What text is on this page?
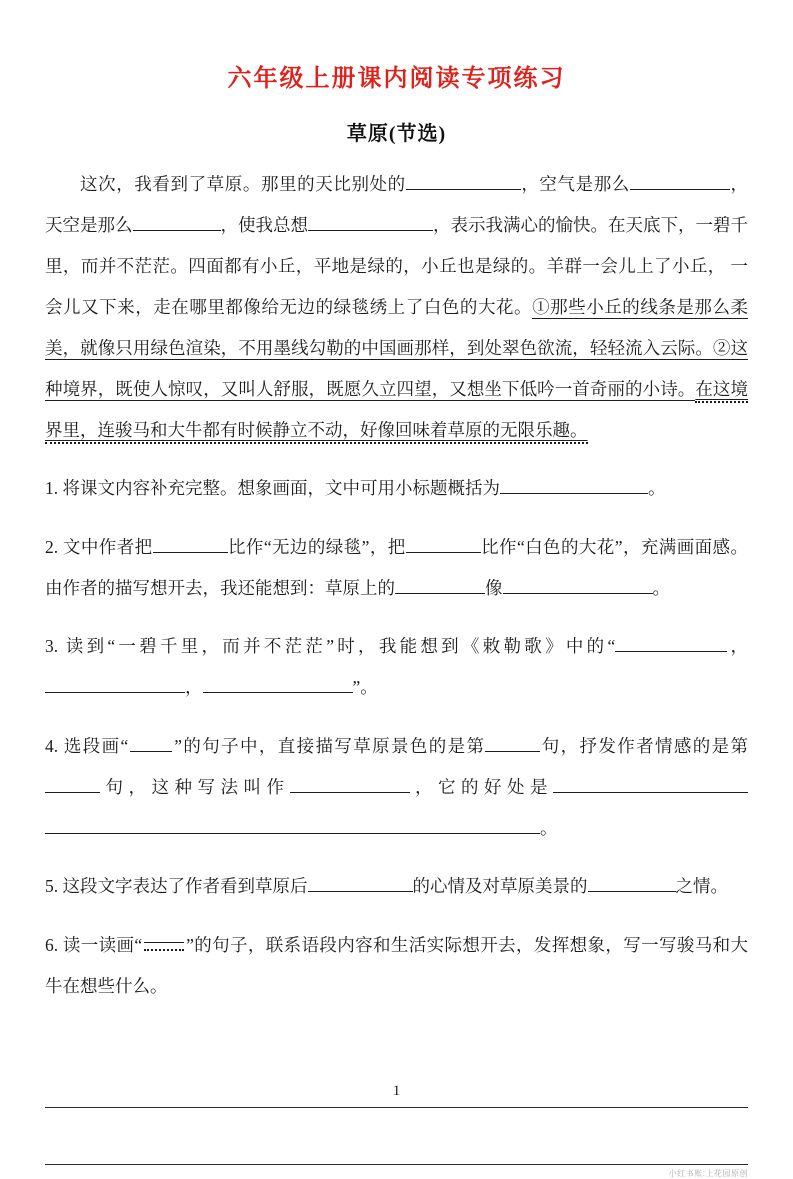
六年级上册课内阅读专项练习
草原(节选)

这次，我看到了草原。那里的天比别处的	，空气是那么	，天空是那么	，使我总想	，表示我满心的愉快。在天底下，一碧千里，而并不茫茫。四面都有小丘，平地是绿的，小丘也是绿的。羊群一会儿上了小丘， 一会儿又下来，走在哪里都像给无边的绿毯绣上了白色的大花。①那些小丘的线条是那么柔美，就像只用绿色渲染，不用墨线勾勒的中国画那样，到处翠色欲流，轻轻流入云际。②这种境界，既使人惊叹，又叫人舒服，既愿久立四望，又想坐下低吟一首奇丽的小诗。在这境界里，连骏马和大牛都有时候静立不动，好像回味着草原的无限乐趣。

1. 将课文内容补充完整。想象画面，文中可用小标题概括为	。

2. 文中作者把	比作“无边的绿毯”，把	比作“白色的大花”，充满画面感。由作者的描写想开去，我还能想到：草原上的	像	。

3. 读到“一碧千里，而并不茫茫”时，我能想到《敕勒歌》中的“	，，	”。

4. 选段画“	”的句子中，直接描写草原景色的是第	句，抒发作者情感的是第句，这种写法叫作	，它的好处是。

5. 这段文字表达了作者看到草原后	的心情及对草原美景的	之情。

6. 读一读画“	”的句子，联系语段内容和生活实际想开去，发挥想象，写一写骏马和大牛在想些什么。

小红书账:上花园原创
1
